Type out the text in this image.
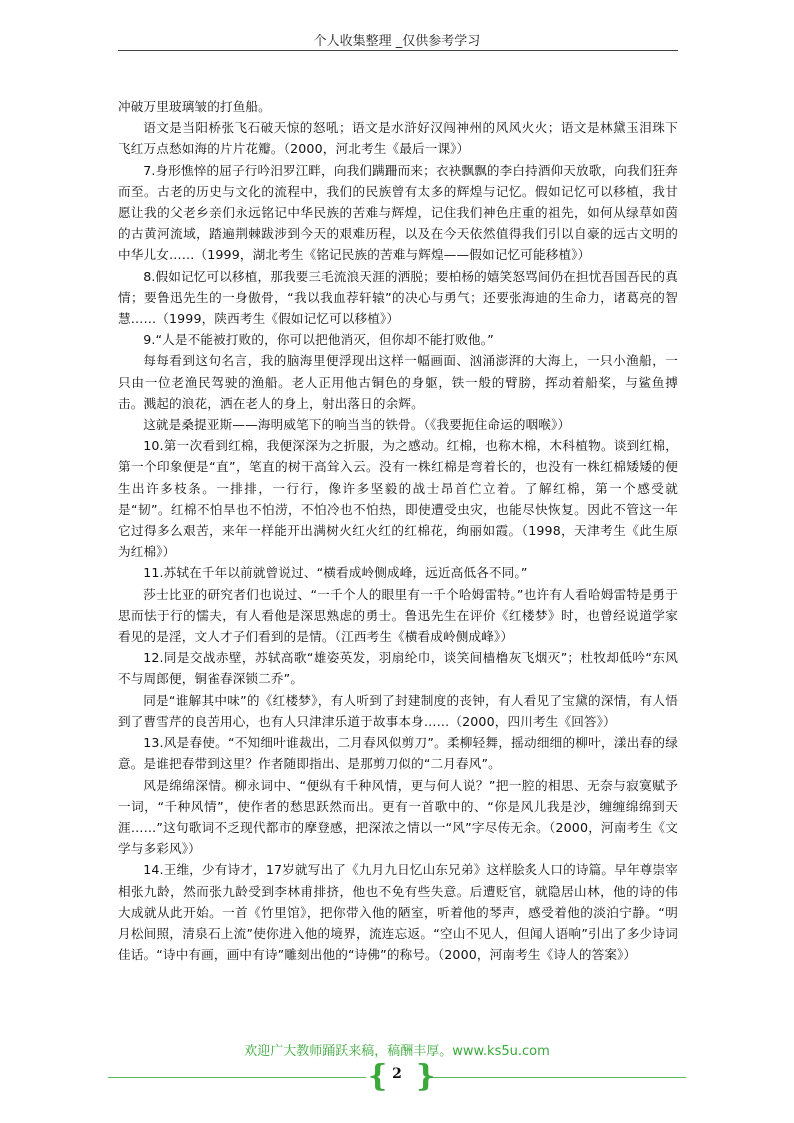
个人收集整理 _仅供参考学习

冲破万里玻璃皱的打鱼船。

语文是当阳桥张飞石破天惊的怒吼；语文是水浒好汉闯神州的风风火火；语文是林黛玉泪珠下飞红万点愁如海的片片花瓣。（2000，河北考生《最后一课》）

7.身形憔悴的屈子行吟汨罗江畔，向我们蹒跚而来；衣袂飘飘的李白持酒仰天放歌，向我们狂奔而至。古老的历史与文化的流程中，我们的民族曾有太多的辉煌与记忆。假如记忆可以移植，我甘愿让我的父老乡亲们永远铭记中华民族的苦难与辉煌，记住我们神色庄重的祖先，如何从绿草如茵的古黄河流域，踏遍荆棘跋涉到今天的艰难历程，以及在今天依然值得我们引以自豪的远古文明的中华儿女……（1999，湖北考生《铭记民族的苦难与辉煌——假如记忆可能移植》）

8.假如记忆可以移植，那我要三毛流浪天涯的洒脱；要柏杨的嬉笑怒骂间仍在担忧吾国吾民的真情；要鲁迅先生的一身傲骨，“我以我血荐轩辕”的决心与勇气；还要张海迪的生命力，诸葛亮的智慧……（1999，陕西考生《假如记忆可以移植》）

9.“人是不能被打败的，你可以把他消灭，但你却不能打败他。”

每每看到这句名言，我的脑海里便浮现出这样一幅画面、汹涌澎湃的大海上，一只小渔船，一只由一位老渔民驾驶的渔船。老人正用他古铜色的身躯，铁一般的臂膀，挥动着船桨，与鲨鱼搏击。溅起的浪花，洒在老人的身上，射出落日的余辉。

这就是桑提亚斯——海明威笔下的响当当的铁骨。（《我要扼住命运的咽喉》）

10.第一次看到红棉，我便深深为之折服，为之感动。红棉，也称木棉，木科植物。谈到红棉，第一个印象便是“直”，笔直的树干高耸入云。没有一株红棉是弯着长的，也没有一株红棉矮矮的便生出许多枝条。一排排，一行行，像许多坚毅的战士昂首伫立着。了解红棉，第一个感受就是“韧”。红棉不怕旱也不怕涝，不怕冷也不怕热，即使遭受虫灾，也能尽快恢复。因此不管这一年它过得多么艰苦，来年一样能开出满树火红火红的红棉花，绚丽如霞。（1998，天津考生《此生原为红棉》）

11.苏轼在千年以前就曾说过、“横看成岭侧成峰，远近高低各不同。”

莎士比亚的研究者们也说过、“一千个人的眼里有一千个哈姆雷特。”也许有人看哈姆雷特是勇于思而怯于行的懦夫，有人看他是深思熟虑的勇士。鲁迅先生在评价《红楼梦》时，也曾经说道学家看见的是淫，文人才子们看到的是情。（江西考生《横看成岭侧成峰》）

12.同是交战赤壁，苏轼高歌“雄姿英发，羽扇纶巾，谈笑间樯橹灰飞烟灭”；杜牧却低吟“东风不与周郎便，铜雀春深锁二乔”。

同是“谁解其中味”的《红楼梦》，有人听到了封建制度的丧钟，有人看见了宝黛的深情，有人悟到了曹雪芹的良苦用心，也有人只津津乐道于故事本身……（2000，四川考生《回答》）

13.风是春使。“不知细叶谁裁出，二月春风似剪刀”。柔柳轻舞，摇动细细的柳叶，漾出春的绿意。是谁把春带到这里？作者随即指出、是那剪刀似的“二月春风”。

风是绵绵深情。柳永词中、“便纵有千种风情，更与何人说？”把一腔的相思、无奈与寂寞赋予一词，“千种风情”，使作者的愁思跃然而出。更有一首歌中的、“你是风儿我是沙，缠缠绵绵到天涯……”这句歌词不乏现代都市的摩登感，把深浓之情以一“风”字尽传无余。（2000，河南考生《文学与多彩风》）

14.王维，少有诗才，17岁就写出了《九月九日忆山东兄弟》这样脍炙人口的诗篇。早年尊崇宰相张九龄，然而张九龄受到李林甫排挤，他也不免有些失意。后遭贬官，就隐居山林，他的诗的伟大成就从此开始。一首《竹里馆》，把你带入他的陋室，听着他的琴声，感受着他的淡泊宁静。“明月松间照，清泉石上流”使你进入他的境界，流连忘返。“空山不见人，但闻人语响”引出了多少诗词佳话。“诗中有画，画中有诗”雕刻出他的“诗佛”的称号。（2000，河南考生《诗人的答案》）

欢迎广大教师踊跃来稿，稿酬丰厚。www.ks5u.com
{ 2 }
